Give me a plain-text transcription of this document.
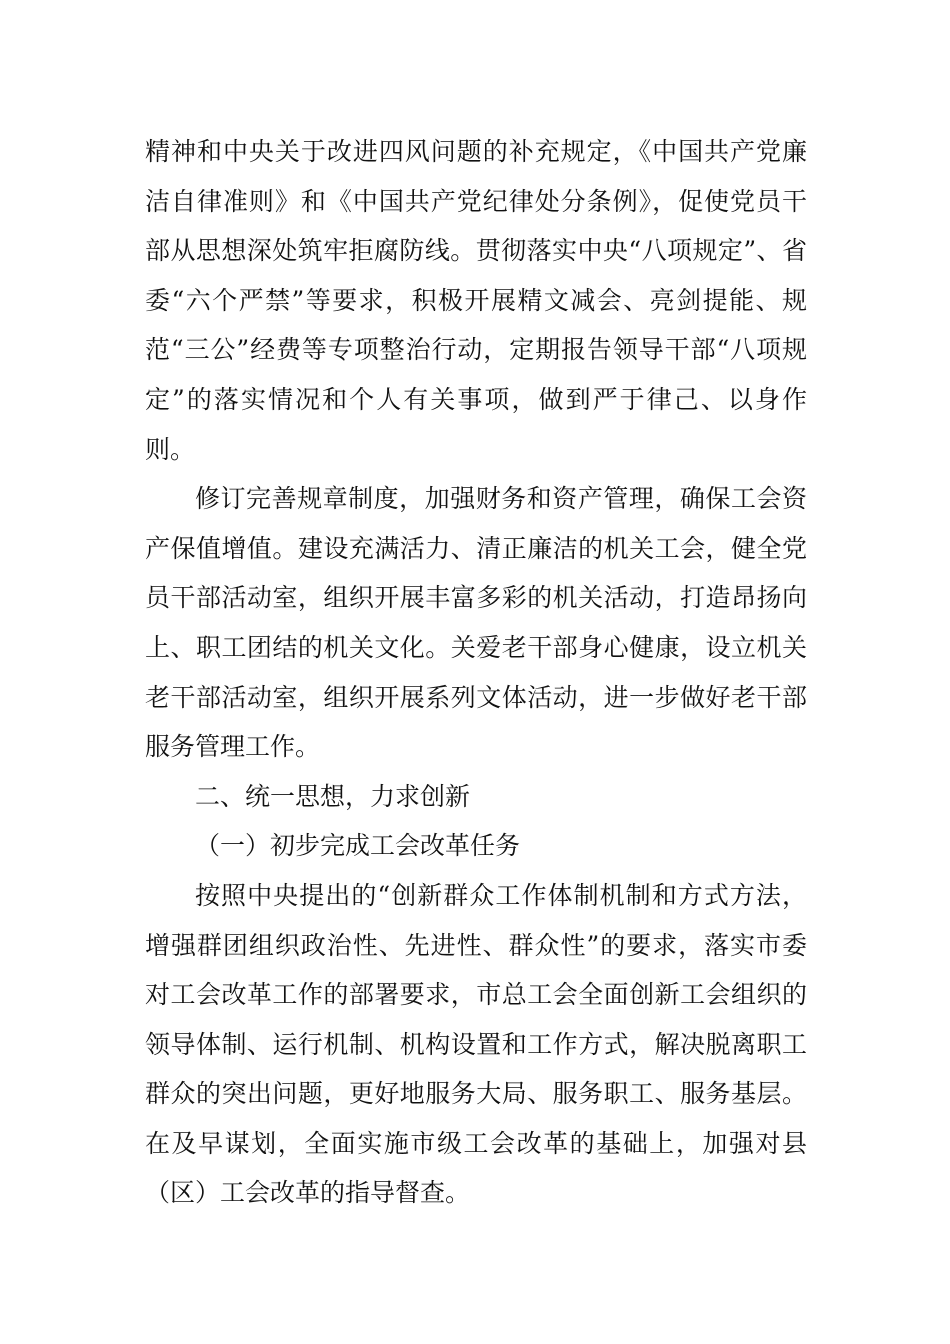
精神和中央关于改进四风问题的补充规定，《中国共产党廉洁自律准则》和《中国共产党纪律处分条例》，促使党员干部从思想深处筑牢拒腐防线。贯彻落实中央“八项规定”、省委“六个严禁”等要求，积极开展精文减会、亮剑提能、规范“三公”经费等专项整治行动，定期报告领导干部“八项规定”的落实情况和个人有关事项，做到严于律己、以身作则。

修订完善规章制度，加强财务和资产管理，确保工会资产保值增值。建设充满活力、清正廉洁的机关工会，健全党员干部活动室，组织开展丰富多彩的机关活动，打造昂扬向上、职工团结的机关文化。关爱老干部身心健康，设立机关老干部活动室，组织开展系列文体活动，进一步做好老干部服务管理工作。

二、统一思想，力求创新

（一）初步完成工会改革任务

按照中央提出的“创新群众工作体制机制和方式方法，增强群团组织政治性、先进性、群众性”的要求，落实市委对工会改革工作的部署要求，市总工会全面创新工会组织的领导体制、运行机制、机构设置和工作方式，解决脱离职工群众的突出问题，更好地服务大局、服务职工、服务基层。在及早谋划，全面实施市级工会改革的基础上，加强对县（区）工会改革的指导督查。
